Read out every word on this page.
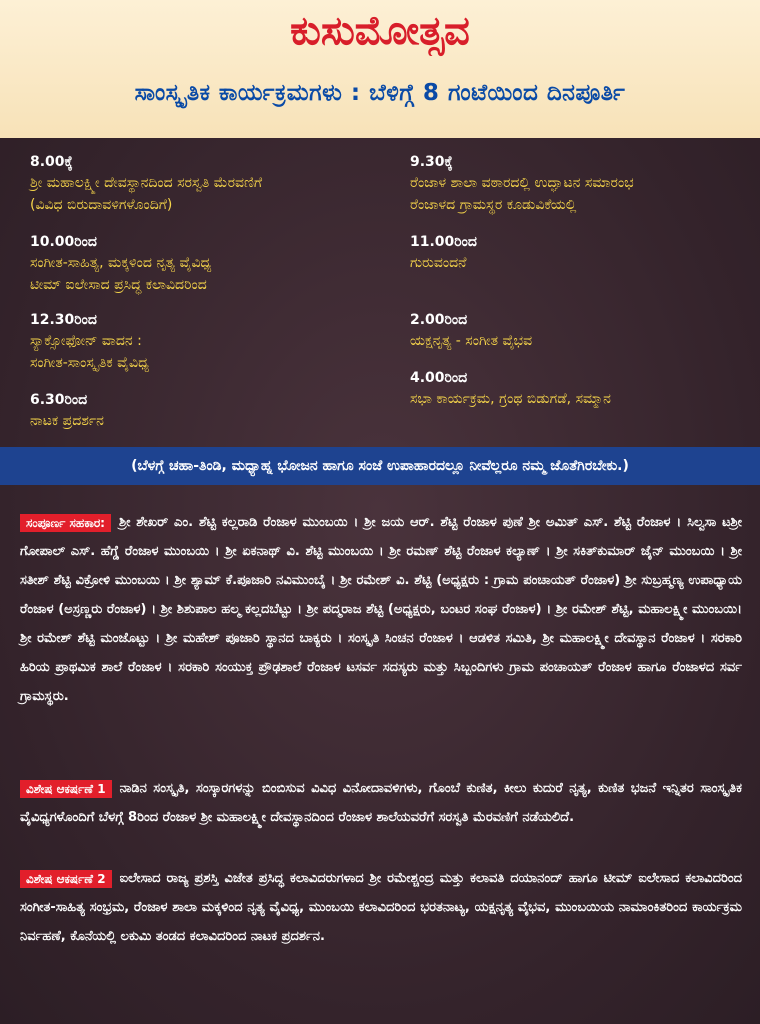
ಕುಸುಮೋತ್ಸವ
ಸಾಂಸ್ಕೃತಿಕ ಕಾರ್ಯಕ್ರಮಗಳು : ಬೆಳಿಗ್ಗೆ 8 ಗಂಟೆಯಿಂದ ದಿನಪೂರ್ತಿ
8.00ಕ್ಕೆ
ಶ್ರೀ ಮಹಾಲಕ್ಷ್ಮೀ ದೇವಸ್ಥಾನದಿಂದ ಸರಸ್ವತಿ ಮೆರವಣಿಗೆ
(ವಿವಿಧ ಬಿರುದಾವಳಿಗಳೊಂದಿಗೆ)
10.00ರಿಂದ
ಸಂಗೀತ-ಸಾಹಿತ್ಯ, ಮಕ್ಕಳಿಂದ ನೃತ್ಯ ವೈವಿಧ್ಯ
ಟೀಮ್ ಐಲೇಸಾದ ಪ್ರಸಿದ್ಧ ಕಲಾವಿದರಿಂದ
12.30ರಿಂದ
ಸ್ಯಾಕ್ಸೋಫೋನ್ ವಾದನ :
ಸಂಗೀತ-ಸಾಂಸ್ಕೃತಿಕ ವೈವಿಧ್ಯ
6.30ರಿಂದ
ನಾಟಕ ಪ್ರದರ್ಶನ
9.30ಕ್ಕೆ
ರೆಂಜಾಳ ಶಾಲಾ ವಠಾರದಲ್ಲಿ ಉದ್ಘಾಟನ ಸಮಾರಂಭ
ರೆಂಜಾಳದ ಗ್ರಾಮಸ್ಥರ ಕೂಡುವಿಕೆಯಲ್ಲಿ
11.00ರಿಂದ
ಗುರುವಂದನೆ
2.00ರಿಂದ
ಯಕ್ಷನೃತ್ಯ - ಸಂಗೀತ ವೈಭವ
4.00ರಿಂದ
ಸಭಾ ಕಾರ್ಯಕ್ರಮ, ಗ್ರಂಥ ಬಿಡುಗಡೆ, ಸಮ್ಮಾನ
(ಬೆಳಗ್ಗೆ ಚಹಾ-ತಿಂಡಿ, ಮಧ್ಯಾಹ್ನ ಭೋಜನ ಹಾಗೂ ಸಂಜೆ ಉಪಾಹಾರದಲ್ಲೂ ನೀವೆಲ್ಲರೂ ನಮ್ಮ ಜೊತೆಗಿರಬೇಕು.)
ಸಂಪೂರ್ಣ ಸಹಕಾರ: ಶ್ರೀ ಶೇಖರ್ ಎಂ. ಶೆಟ್ಟಿ ಕಲ್ಲರಾಡಿ ರೆಂಜಾಳ ಮುಂಬಯಿ । ಶ್ರೀ ಜಯ ಆರ್. ಶೆಟ್ಟಿ ರೆಂಜಾಳ ಪುಣೆ ಶ್ರೀ ಅಮಿತ್ ಎಸ್. ಶೆಟ್ಟಿ ರೆಂಜಾಳ । ಸಿಲ್ವಸಾ ಟಶ್ರೀ ಗೋಪಾಲ್ ಎಸ್. ಹೆಗ್ಡೆ ರೆಂಜಾಳ ಮುಂಬಯಿ । ಶ್ರೀ ಏಕನಾಥ್ ವಿ. ಶೆಟ್ಟಿ ಮುಂಬಯಿ । ಶ್ರೀ ರಮಣ್ ಶೆಟ್ಟಿ ರೆಂಜಾಳ ಕಲ್ಯಾಣ್ । ಶ್ರೀ ಸಕಿತ್‌ಕುಮಾರ್ ಜೈನ್ ಮುಂಬಯಿ । ಶ್ರೀ ಸತೀಶ್ ಶೆಟ್ಟಿ ವಿಕ್ರೋಳಿ ಮುಂಬಯಿ । ಶ್ರೀ ಶ್ಯಾಮ್ ಕೆ.ಪೂಜಾರಿ ನವಿಮುಂಬೈ । ಶ್ರೀ ರಮೇಶ್ ವಿ. ಶೆಟ್ಟಿ (ಅಧ್ಯಕ್ಷರು : ಗ್ರಾಮ ಪಂಚಾಯತ್ ರೆಂಜಾಳ) ಶ್ರೀ ಸುಬ್ರಹ್ಮಣ್ಯ ಉಪಾಧ್ಯಾಯ ರೆಂಜಾಳ (ಅಸ್ರಣ್ಣರು ರೆಂಜಾಳ) । ಶ್ರೀ ಶಿಶುಪಾಲ ಹಲ್ಮ ಕಲ್ಲದಬೆಟ್ಟು । ಶ್ರೀ ಪದ್ಮರಾಜ ಶೆಟ್ಟಿ (ಅಧ್ಯಕ್ಷರು, ಬಂಟರ ಸಂಘ ರೆಂಜಾಳ) । ಶ್ರೀ ರಮೇಶ್ ಶೆಟ್ಟಿ, ಮಹಾಲಕ್ಷ್ಮೀ ಮುಂಬಯಿ। ಶ್ರೀ ರಮೇಶ್ ಶೆಟ್ಟಿ ಮಂಜೊಟ್ಟು । ಶ್ರೀ ಮಹೇಶ್ ಪೂಜಾರಿ ಸ್ಥಾನದ ಬಾಕ್ಯರು । ಸಂಸ್ಕೃತಿ ಸಿಂಚನ ರೆಂಜಾಳ । ಆಡಳಿತ ಸಮಿತಿ, ಶ್ರೀ ಮಹಾಲಕ್ಷ್ಮೀ ದೇವಸ್ಥಾನ ರೆಂಜಾಳ । ಸರಕಾರಿ ಹಿರಿಯ ಪ್ರಾಥಮಿಕ ಶಾಲೆ ರೆಂಜಾಳ । ಸರಕಾರಿ ಸಂಯುಕ್ತ ಪ್ರೌಢಶಾಲೆ ರೆಂಜಾಳ ಟಸರ್ವ ಸದಸ್ಯರು ಮತ್ತು ಸಿಬ್ಬಂದಿಗಳು ಗ್ರಾಮ ಪಂಚಾಯತ್ ರೆಂಜಾಳ ಹಾಗೂ ರೆಂಜಾಳದ ಸರ್ವ ಗ್ರಾಮಸ್ಥರು.
ವಿಶೇಷ ಆಕರ್ಷಣೆ 1 ನಾಡಿನ ಸಂಸ್ಕೃತಿ, ಸಂಸ್ಕಾರಗಳನ್ನು ಬಿಂಬಿಸುವ ವಿವಿಧ ವಿನೋದಾವಳಿಗಳು, ಗೊಂಬೆ ಕುಣಿತ, ಕೀಲು ಕುದುರೆ ನೃತ್ಯ, ಕುಣಿತ ಭಜನೆ ಇನ್ನಿತರ ಸಾಂಸ್ಕೃತಿಕ ವೈವಿಧ್ಯಗಳೊಂದಿಗೆ ಬೆಳಗ್ಗೆ 8ರಿಂದ ರೆಂಜಾಳ ಶ್ರೀ ಮಹಾಲಕ್ಷ್ಮೀ ದೇವಸ್ಥಾನದಿಂದ ರೆಂಜಾಳ ಶಾಲೆಯವರೆಗೆ ಸರಸ್ವತಿ ಮೆರವಣಿಗೆ ನಡೆಯಲಿದೆ.
ವಿಶೇಷ ಆಕರ್ಷಣೆ 2 ಐಲೇಸಾದ ರಾಜ್ಯ ಪ್ರಶಸ್ತಿ ವಿಜೇತ ಪ್ರಸಿದ್ಧ ಕಲಾವಿದರುಗಳಾದ ಶ್ರೀ ರಮೇಶ್ಚಂದ್ರ ಮತ್ತು ಕಲಾವತಿ ದಯಾನಂದ್ ಹಾಗೂ ಟೀಮ್ ಐಲೇಸಾದ ಕಲಾವಿದರಿಂದ ಸಂಗೀತ-ಸಾಹಿತ್ಯ ಸಂಭ್ರಮ, ರೆಂಜಾಳ ಶಾಲಾ ಮಕ್ಕಳಿಂದ ನೃತ್ಯ ವೈವಿಧ್ಯ, ಮುಂಬಯಿ ಕಲಾವಿದರಿಂದ ಭರತನಾಟ್ಯ, ಯಕ್ಷನೃತ್ಯ ವೈಭವ, ಮುಂಬಯಿಯ ನಾಮಾಂಕಿತರಿಂದ ಕಾರ್ಯಕ್ರಮ ನಿರ್ವಹಣೆ, ಕೊನೆಯಲ್ಲಿ ಲಕುಮಿ ತಂಡದ ಕಲಾವಿದರಿಂದ ನಾಟಕ ಪ್ರದರ್ಶನ.
